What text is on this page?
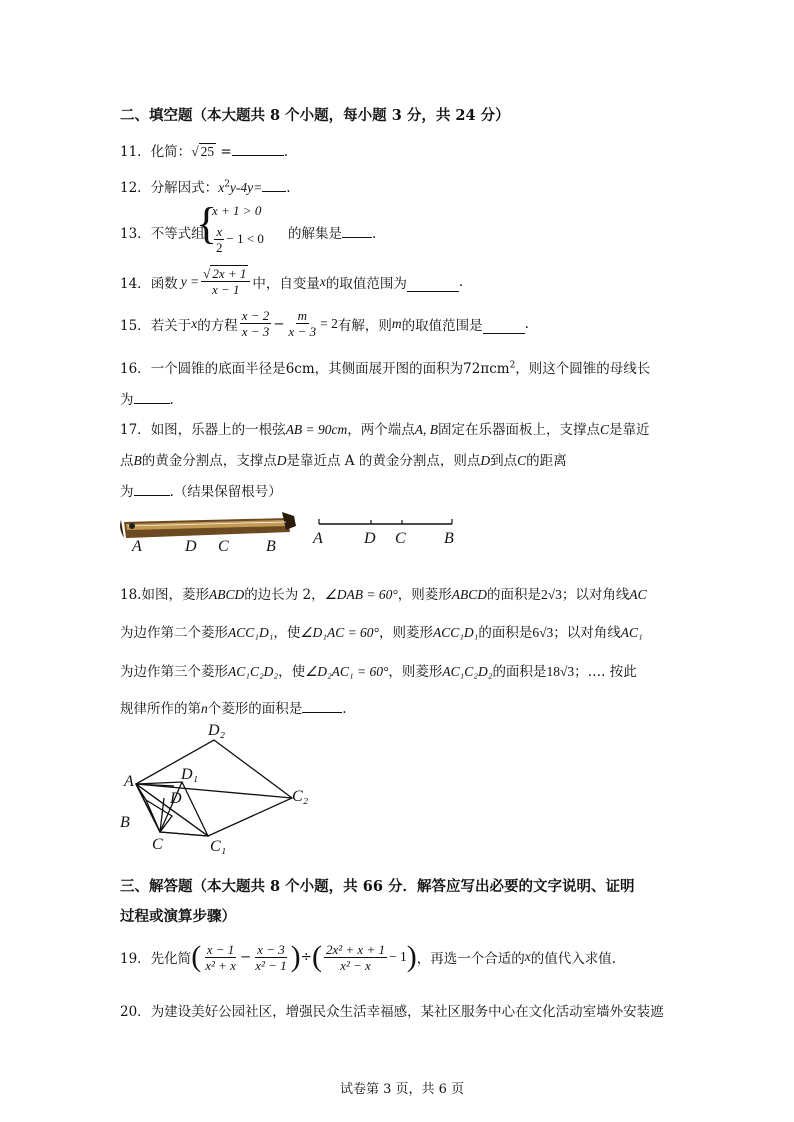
二、填空题（本大题共 8 个小题，每小题 3 分，共 24 分）
11．化简：√ 25 =	.
12．分解因式：$x^2y-4y=$ .
13．不等式组
{
x + 1 > 0
$\frac{x}{2} - 1 < 0$ 的解集是 .
14． 函数 $y = \frac{√ 2x + 1}{x - 1}$ 中，自变量 x 的取值范围为	.
15． 若关于 x 的方程 $\frac{x - 2}{x - 3} - \frac{m}{x - 3} = 2$ 有解，则 m 的取值范围是	.
16．一个圆锥的底面半径是6cm，其侧面展开图的面积为72πcm$^2$，则这个圆锥的母线长
为	.
17．如图，乐器上的一根弦AB = 90cm，两个端点A, B固定在乐器面板上，支撑点C是靠近
点B的黄金分割点，支撑点D是靠近点 A 的黄金分割点，则点D到点C的距离
为	.（结果保留根号）
A	D C B A	D C B
18.如图，菱形ABCD的边长为 2，∠DAB = 60°，则菱形ABCD的面积是2√3；以对角线AC
为边作第二个菱形ACC₁D₁，使∠D₁AC = 60°，则菱形ACC₁D₁的面积是6√3；以对角线AC₁
为边作第三个菱形AC₁C₂D₂，使∠D₂AC₁ = 60°，则菱形AC₁C₂D₂的面积是18√3；…. 按此
规律所作的第n个菱形的面积是	.
D₂
A	D₁
D	C₂
B
C	C₁
三、解答题（本大题共 8 个小题，共 66 分．解答应写出必要的文字说明、证明
过程或演算步骤）
19． 先化简 ( $\frac{x - 1}{\text{x² + x}} - \frac{x - 3}{\text{x² − 1}}$ ) ÷ ( $\frac{\text{2x² + x + 1}}{\text{x² − x}} - 1$ ) ，再选一个合适的 x 的值代入求值.
20．为建设美好公园社区，增强民众生活幸福感，某社区服务中心在文化活动室墙外安装遮
试卷第 3 页，共 6 页
